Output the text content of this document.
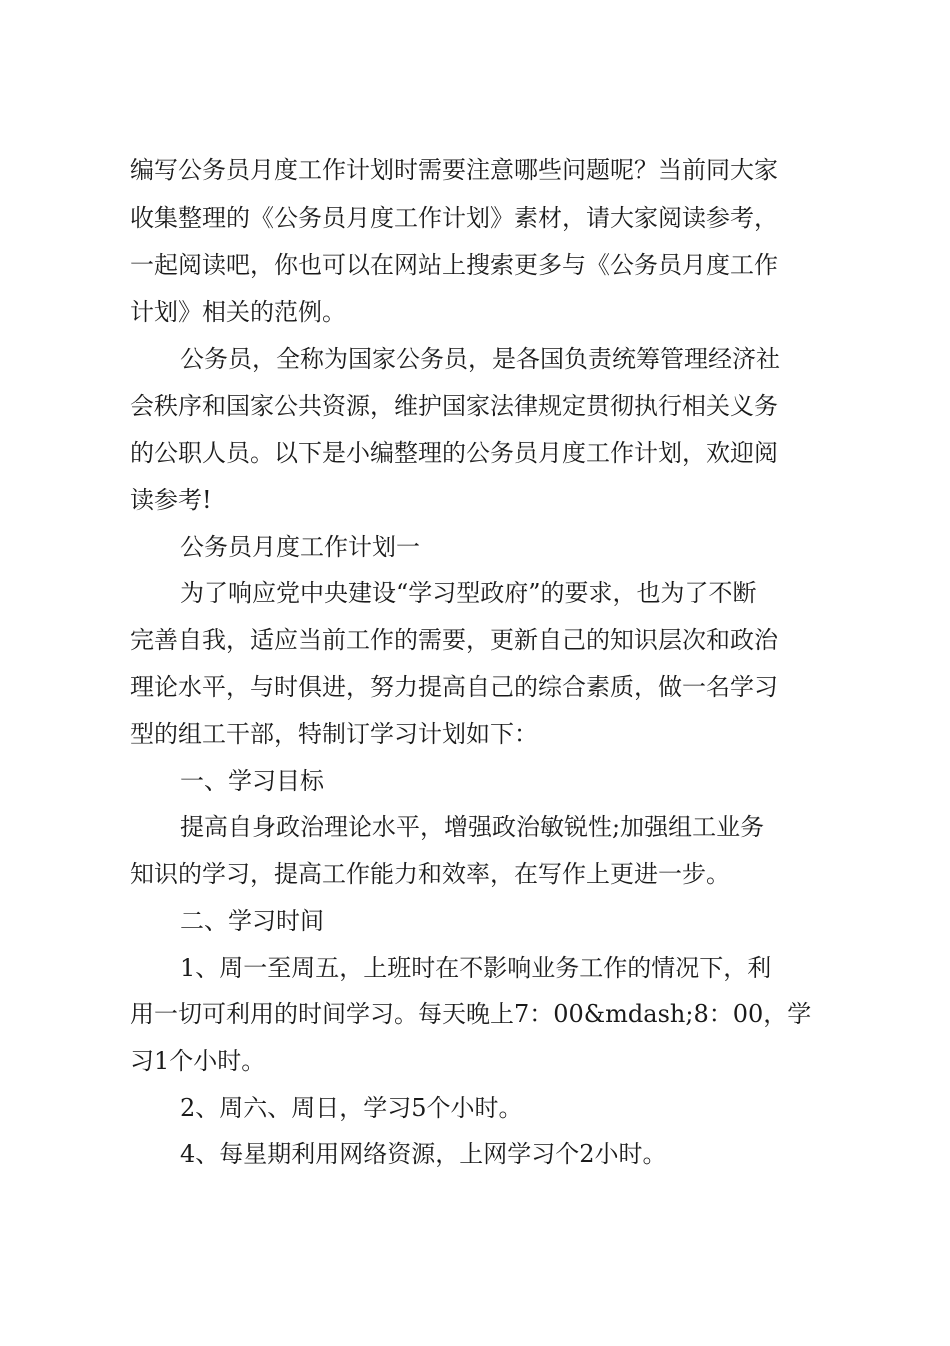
编写公务员月度工作计划时需要注意哪些问题呢？当前同大家

收集整理的《公务员月度工作计划》素材，请大家阅读参考，

一起阅读吧，你也可以在网站上搜索更多与《公务员月度工作

计划》相关的范例。

公务员，全称为国家公务员，是各国负责统筹管理经济社

会秩序和国家公共资源，维护国家法律规定贯彻执行相关义务

的公职人员。以下是小编整理的公务员月度工作计划，欢迎阅

读参考!

公务员月度工作计划一

为了响应党中央建设“学习型政府”的要求，也为了不断

完善自我，适应当前工作的需要，更新自己的知识层次和政治

理论水平，与时俱进，努力提高自己的综合素质，做一名学习

型的组工干部，特制订学习计划如下：

一、学习目标

提高自身政治理论水平，增强政治敏锐性;加强组工业务

知识的学习，提高工作能力和效率，在写作上更进一步。

二、学习时间

1、周一至周五，上班时在不影响业务工作的情况下，利

用一切可利用的时间学习。每天晚上7：00&mdash;8：00，学

习1个小时。

2、周六、周日，学习5个小时。

4、每星期利用网络资源，上网学习个2小时。
